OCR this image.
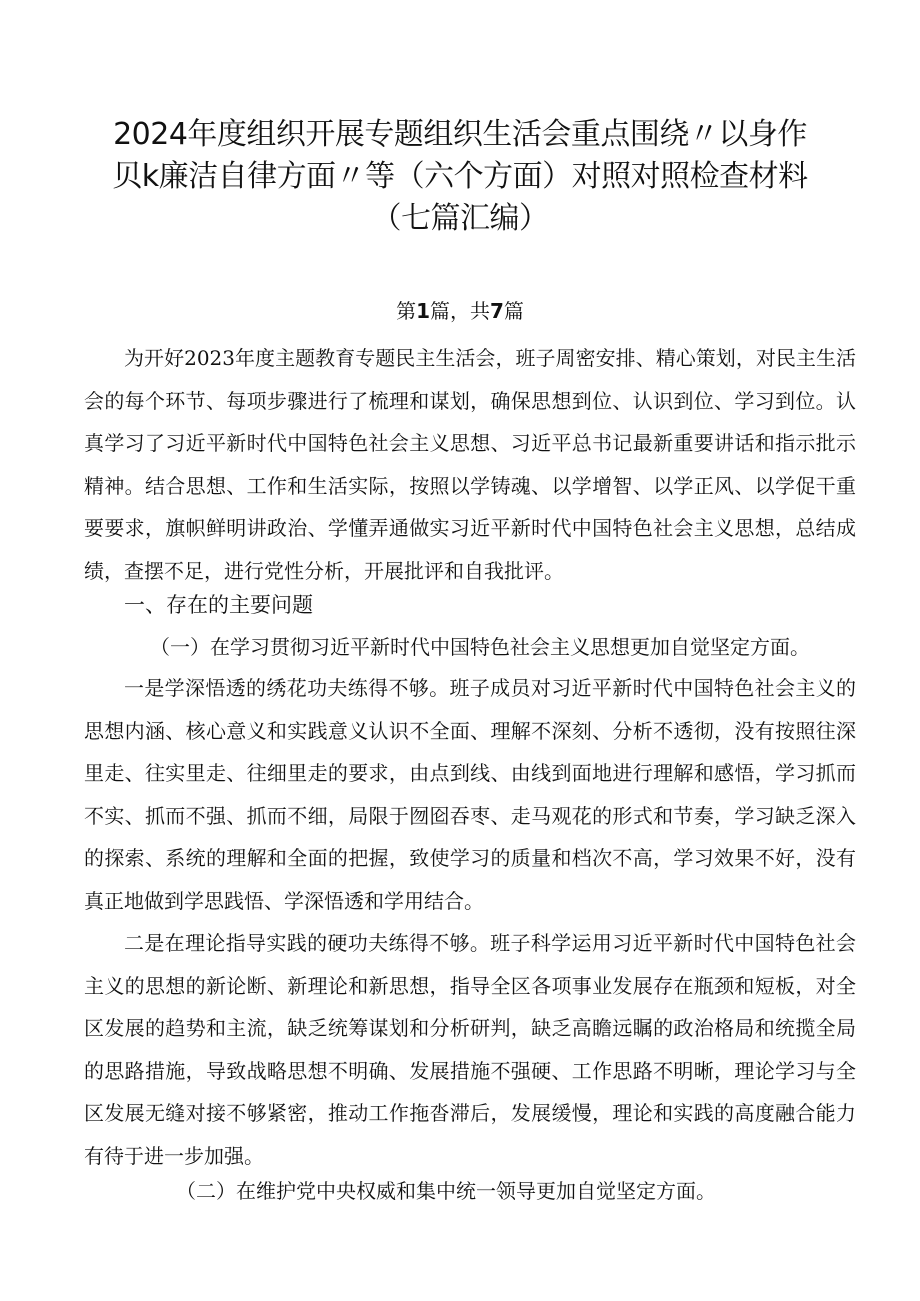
2024年度组织开展专题组织生活会重点围绕〃以身作
贝k廉洁自律方面〃等（六个方面）对照对照检查材料
（七篇汇编）
第1篇，共7篇

为开好2023年度主题教育专题民主生活会，班子周密安排、精心策划，对民主生活会的每个环节、每项步骤进行了梳理和谋划，确保思想到位、认识到位、学习到位。认真学习了习近平新时代中国特色社会主义思想、习近平总书记最新重要讲话和指示批示精神。结合思想、工作和生活实际，按照以学铸魂、以学增智、以学正风、以学促干重要要求，旗帜鲜明讲政治、学懂弄通做实习近平新时代中国特色社会主义思想，总结成绩，查摆不足，进行党性分析，开展批评和自我批评。

一、存在的主要问题

（一）在学习贯彻习近平新时代中国特色社会主义思想更加自觉坚定方面。

一是学深悟透的绣花功夫练得不够。班子成员对习近平新时代中国特色社会主义的思想内涵、核心意义和实践意义认识不全面、理解不深刻、分析不透彻，没有按照往深里走、往实里走、往细里走的要求，由点到线、由线到面地进行理解和感悟，学习抓而不实、抓而不强、抓而不细，局限于囫囵吞枣、走马观花的形式和节奏，学习缺乏深入的探索、系统的理解和全面的把握，致使学习的质量和档次不高，学习效果不好，没有真正地做到学思践悟、学深悟透和学用结合。

二是在理论指导实践的硬功夫练得不够。班子科学运用习近平新时代中国特色社会主义的思想的新论断、新理论和新思想，指导全区各项事业发展存在瓶颈和短板，对全区发展的趋势和主流，缺乏统筹谋划和分析研判，缺乏高瞻远瞩的政治格局和统揽全局的思路措施，导致战略思想不明确、发展措施不强硬、工作思路不明晰，理论学习与全区发展无缝对接不够紧密，推动工作拖沓滞后，发展缓慢，理论和实践的高度融合能力有待于进一步加强。

（二）在维护党中央权威和集中统一领导更加自觉坚定方面。
